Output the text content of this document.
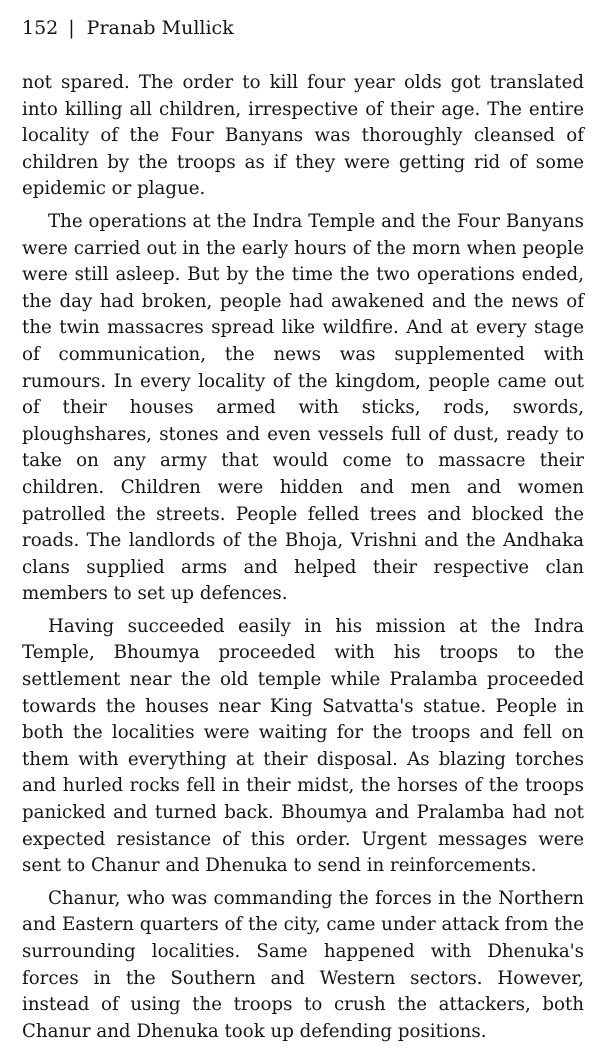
152 | Pranab Mullick

not spared. The order to kill four year olds got translated into killing all children, irrespective of their age. The entire locality of the Four Banyans was thoroughly cleansed of children by the troops as if they were getting rid of some epidemic or plague.

The operations at the Indra Temple and the Four Banyans were carried out in the early hours of the morn when people were still asleep. But by the time the two operations ended, the day had broken, people had awakened and the news of the twin massacres spread like wildfire. And at every stage of communication, the news was supplemented with rumours. In every locality of the kingdom, people came out of their houses armed with sticks, rods, swords, ploughshares, stones and even vessels full of dust, ready to take on any army that would come to massacre their children. Children were hidden and men and women patrolled the streets. People felled trees and blocked the roads. The landlords of the Bhoja, Vrishni and the Andhaka clans supplied arms and helped their respective clan members to set up defences.

Having succeeded easily in his mission at the Indra Temple, Bhoumya proceeded with his troops to the settlement near the old temple while Pralamba proceeded towards the houses near King Satvatta's statue. People in both the localities were waiting for the troops and fell on them with everything at their disposal. As blazing torches and hurled rocks fell in their midst, the horses of the troops panicked and turned back. Bhoumya and Pralamba had not expected resistance of this order. Urgent messages were sent to Chanur and Dhenuka to send in reinforcements.

Chanur, who was commanding the forces in the Northern and Eastern quarters of the city, came under attack from the surrounding localities. Same happened with Dhenuka's forces in the Southern and Western sectors. However, instead of using the troops to crush the attackers, both Chanur and Dhenuka took up defending positions.
